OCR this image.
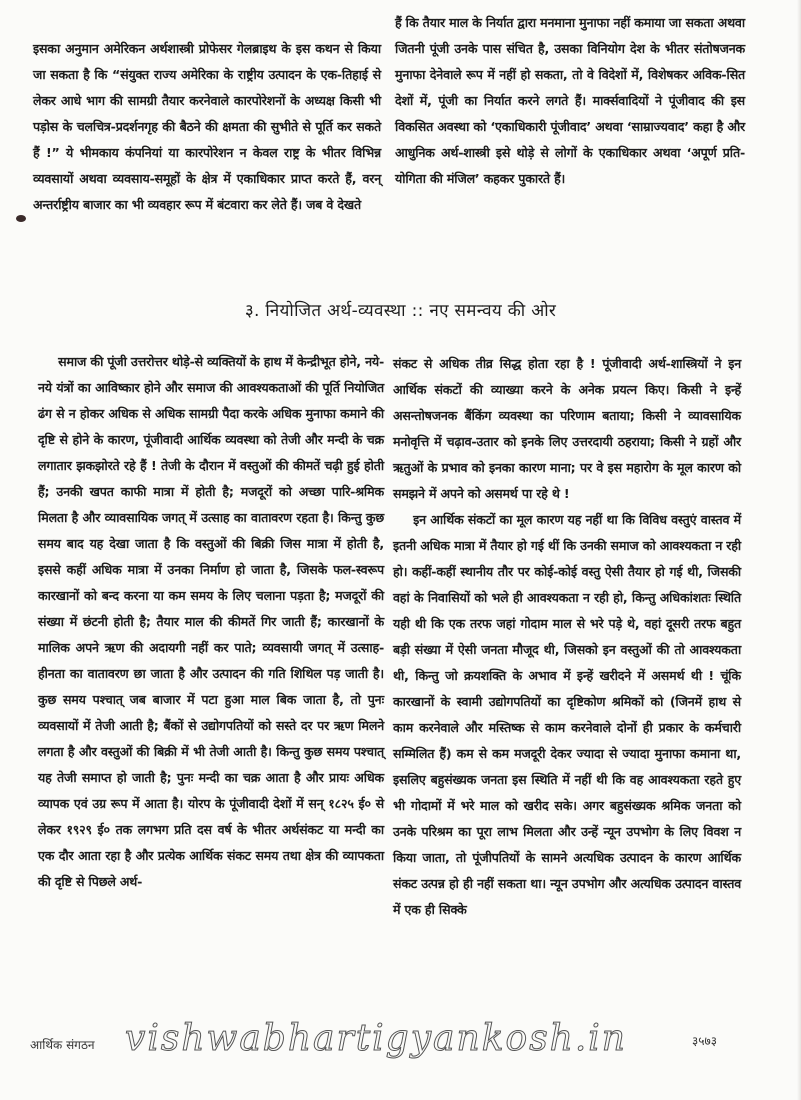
इसका अनुमान अमेरिकन अर्थशास्त्री प्रोफेसर गेलब्राइथ के इस कथन से किया जा सकता है कि “संयुक्त राज्य अमेरिका के राष्ट्रीय उत्पादन के एक-तिहाई से लेकर आधे भाग की सामग्री तैयार करनेवाले कारपोरेशनों के अध्यक्ष किसी भी पड़ोस के चलचित्र-प्रदर्शनगृह की बैठने की क्षमता की सुभीते से पूर्ति कर सकते हैं !” ये भीमकाय कंपनियां या कारपोरेशन न केवल राष्ट्र के भीतर विभिन्न व्यवसायों अथवा व्यवसाय-समूहों के क्षेत्र में एकाधिकार प्राप्त करते हैं, वरन् अन्तर्राष्ट्रीय बाजार का भी व्यवहार रूप में बंटवारा कर लेते हैं। जब वे देखते

हैं कि तैयार माल के निर्यात द्वारा मनमाना मुनाफा नहीं कमाया जा सकता अथवा जितनी पूंजी उनके पास संचित है, उसका विनियोग देश के भीतर संतोषजनक मुनाफा देनेवाले रूप में नहीं हो सकता, तो वे विदेशों में, विशेषकर अविक-सित देशों में, पूंजी का निर्यात करने लगते हैं। मार्क्सवादियों ने पूंजीवाद की इस विकसित अवस्था को ‘एकाधिकारी पूंजीवाद’ अथवा ‘साम्राज्यवाद’ कहा है और आधुनिक अर्थ-शास्त्री इसे थोड़े से लोगों के एकाधिकार अथवा ‘अपूर्ण प्रति-योगिता की मंजिल’ कहकर पुकारते हैं।

३. नियोजित अर्थ-व्यवस्था :: नए समन्वय की ओर

समाज की पूंजी उत्तरोत्तर थोड़े-से व्यक्तियों के हाथ में केन्द्रीभूत होने, नये-नये यंत्रों का आविष्कार होने और समाज की आवश्यकताओं की पूर्ति नियोजित ढंग से न होकर अधिक से अधिक सामग्री पैदा करके अधिक मुनाफा कमाने की दृष्टि से होने के कारण, पूंजीवादी आर्थिक व्यवस्था को तेजी और मन्दी के चक्र लगातार झकझोरते रहे हैं ! तेजी के दौरान में वस्तुओं की कीमतें चढ़ी हुई होती हैं; उनकी खपत काफी मात्रा में होती है; मजदूरों को अच्छा पारि-श्रमिक मिलता है और व्यावसायिक जगत् में उत्साह का वातावरण रहता है। किन्तु कुछ समय बाद यह देखा जाता है कि वस्तुओं की बिक्री जिस मात्रा में होती है, इससे कहीं अधिक मात्रा में उनका निर्माण हो जाता है, जिसके फल-स्वरूप कारखानों को बन्द करना या कम समय के लिए चलाना पड़ता है; मजदूरों की संख्या में छंटनी होती है; तैयार माल की कीमतें गिर जाती हैं; कारखानों के मालिक अपने ऋण की अदायगी नहीं कर पाते; व्यवसायी जगत् में उत्साह-हीनता का वातावरण छा जाता है और उत्पादन की गति शिथिल पड़ जाती है। कुछ समय पश्चात् जब बाजार में पटा हुआ माल बिक जाता है, तो पुनः व्यवसायों में तेजी आती है; बैंकों से उद्योगपतियों को सस्ते दर पर ऋण मिलने लगता है और वस्तुओं की बिक्री में भी तेजी आती है। किन्तु कुछ समय पश्चात् यह तेजी समाप्त हो जाती है; पुनः मन्दी का चक्र आता है और प्रायः अधिक व्यापक एवं उग्र रूप में आता है। योरप के पूंजीवादी देशों में सन् १८२५ ई० से लेकर १९२९ ई० तक लगभग प्रति दस वर्ष के भीतर अर्थसंकट या मन्दी का एक दौर आता रहा है और प्रत्येक आर्थिक संकट समय तथा क्षेत्र की व्यापकता की दृष्टि से पिछले अर्थ-

संकट से अधिक तीव्र सिद्ध होता रहा है ! पूंजीवादी अर्थ-शास्त्रियों ने इन आर्थिक संकटों की व्याख्या करने के अनेक प्रयत्न किए। किसी ने इन्हें असन्तोषजनक बैंकिंग व्यवस्था का परिणाम बताया; किसी ने व्यावसायिक मनोवृत्ति में चढ़ाव-उतार को इनके लिए उत्तरदायी ठहराया; किसी ने ग्रहों और ऋतुओं के प्रभाव को इनका कारण माना; पर वे इस महारोग के मूल कारण को समझने में अपने को असमर्थ पा रहे थे !

इन आर्थिक संकटों का मूल कारण यह नहीं था कि विविध वस्तुएं वास्तव में इतनी अधिक मात्रा में तैयार हो गई थीं कि उनकी समाज को आवश्यकता न रही हो। कहीं-कहीं स्थानीय तौर पर कोई-कोई वस्तु ऐसी तैयार हो गई थी, जिसकी वहां के निवासियों को भले ही आवश्यकता न रही हो, किन्तु अधिकांशतः स्थिति यही थी कि एक तरफ जहां गोदाम माल से भरे पड़े थे, वहां दूसरी तरफ बहुत बड़ी संख्या में ऐसी जनता मौजूद थी, जिसको इन वस्तुओं की तो आवश्यकता थी, किन्तु जो क्रयशक्ति के अभाव में इन्हें खरीदने में असमर्थ थी ! चूंकि कारखानों के स्वामी उद्योगपतियों का दृष्टिकोण श्रमिकों को (जिनमें हाथ से काम करनेवाले और मस्तिष्क से काम करनेवाले दोनों ही प्रकार के कर्मचारी सम्मिलित हैं) कम से कम मजदूरी देकर ज्यादा से ज्यादा मुनाफा कमाना था, इसलिए बहुसंख्यक जनता इस स्थिति में नहीं थी कि वह आवश्यकता रहते हुए भी गोदामों में भरे माल को खरीद सके। अगर बहुसंख्यक श्रमिक जनता को उनके परिश्रम का पूरा लाभ मिलता और उन्हें न्यून उपभोग के लिए विवश न किया जाता, तो पूंजीपतियों के सामने अत्यधिक उत्पादन के कारण आर्थिक संकट उत्पन्न हो ही नहीं सकता था। न्यून उपभोग और अत्यधिक उत्पादन वास्तव में एक ही सिक्के

आर्थिक संगठन vishwabhartigyankosh.in	३५७३
